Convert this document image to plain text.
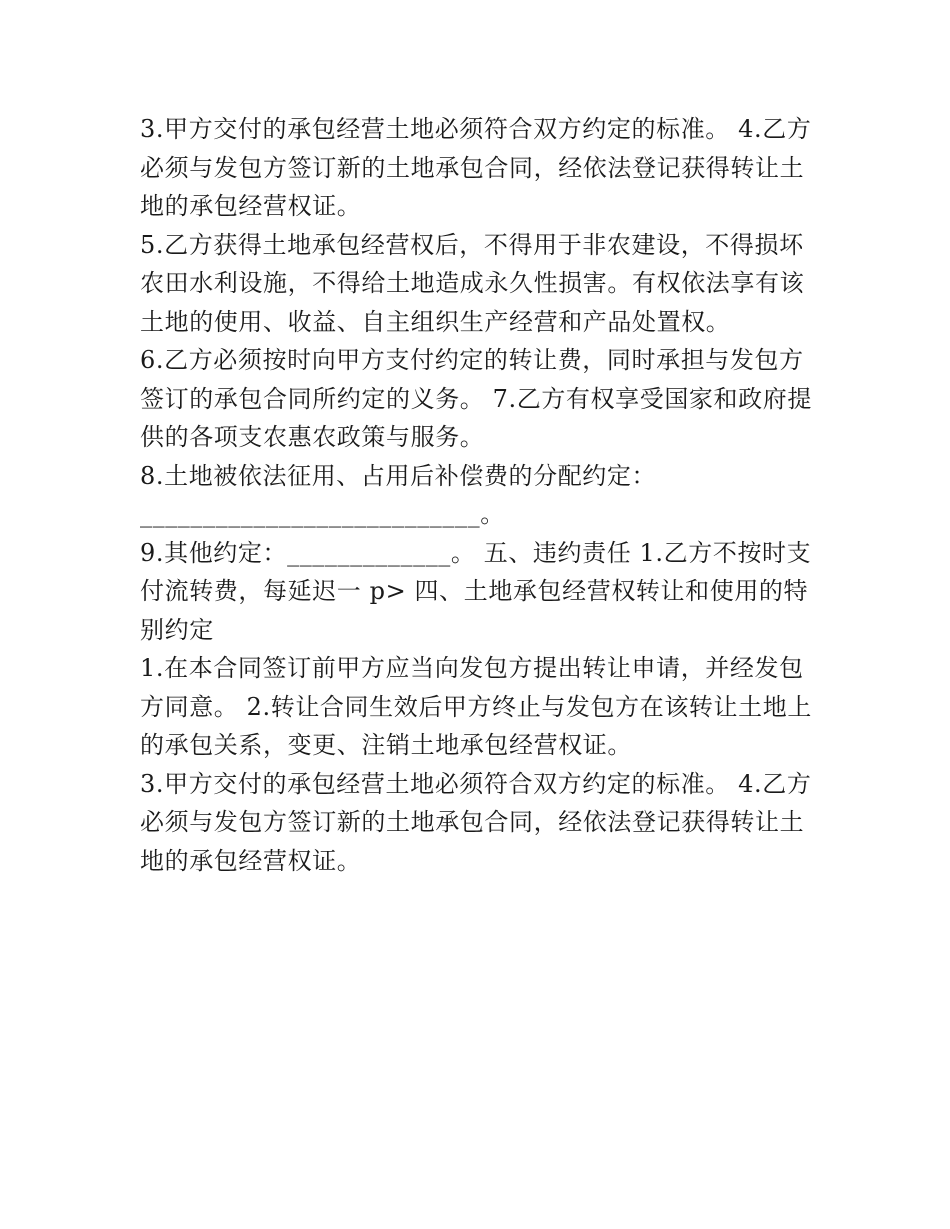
3.甲方交付的承包经营土地必须符合双方约定的标准。 4.乙方必须与发包方签订新的土地承包合同，经依法登记获得转让土地的承包经营权证。

5.乙方获得土地承包经营权后，不得用于非农建设，不得损坏农田水利设施，不得给土地造成永久性损害。有权依法享有该土地的使用、收益、自主组织生产经营和产品处置权。

6.乙方必须按时向甲方支付约定的转让费，同时承担与发包方签订的承包合同所约定的义务。 7.乙方有权享受国家和政府提供的各项支农惠农政策与服务。

8.土地被依法征用、占用后补偿费的分配约定：

___________________________。

9.其他约定：_____________。 五、违约责任 1.乙方不按时支付流转费，每延迟一 p> 四、土地承包经营权转让和使用的特别约定

1.在本合同签订前甲方应当向发包方提出转让申请，并经发包方同意。 2.转让合同生效后甲方终止与发包方在该转让土地上的承包关系，变更、注销土地承包经营权证。

3.甲方交付的承包经营土地必须符合双方约定的标准。 4.乙方必须与发包方签订新的土地承包合同，经依法登记获得转让土地的承包经营权证。
